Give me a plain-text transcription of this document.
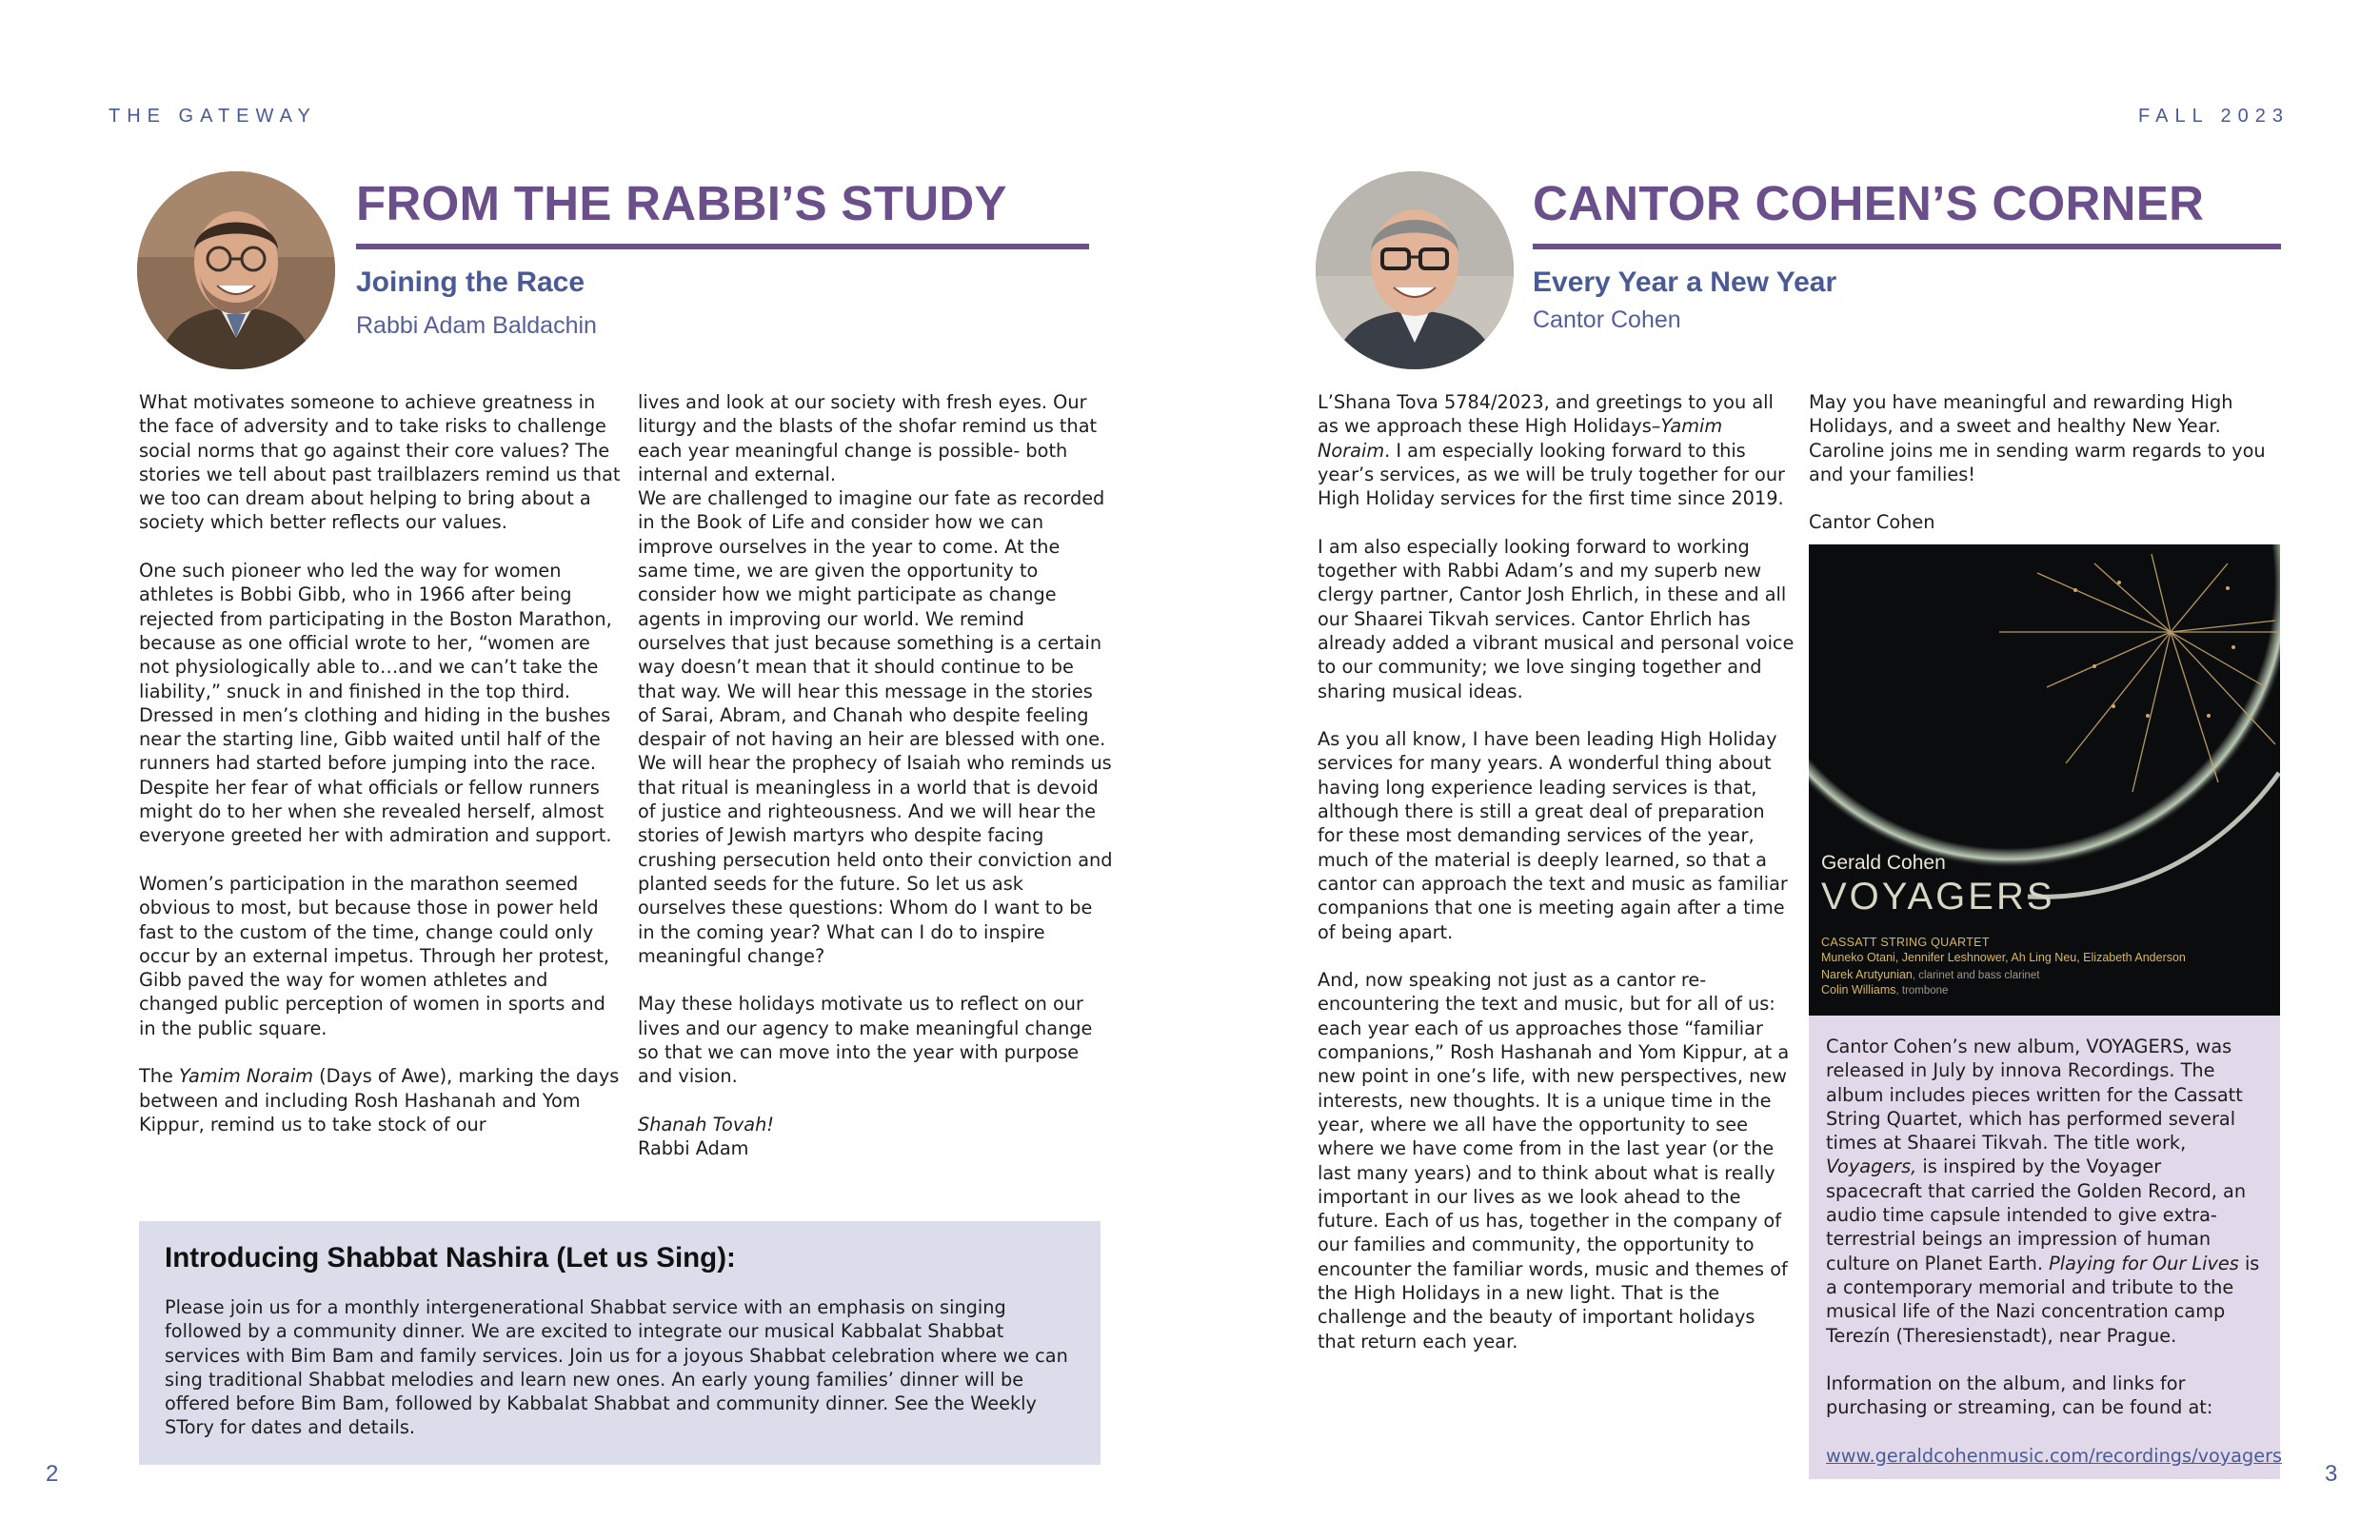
THE GATEWAY	FALL 2023
FROM THE RABBI’S STUDY
Joining the Race
Rabbi Adam Baldachin

What motivates someone to achieve greatness in the face of adversity and to take risks to challenge social norms that go against their core values? The stories we tell about past trailblazers remind us that we too can dream about helping to bring about a society which better reflects our values.

One such pioneer who led the way for women athletes is Bobbi Gibb, who in 1966 after being rejected from participating in the Boston Marathon, because as one official wrote to her, “women are not physiologically able to…and we can’t take the liability,” snuck in and finished in the top third. Dressed in men’s clothing and hiding in the bushes near the starting line, Gibb waited until half of the runners had started before jumping into the race. Despite her fear of what officials or fellow runners might do to her when she revealed herself, almost everyone greeted her with admiration and support.

Women’s participation in the marathon seemed obvious to most, but because those in power held fast to the custom of the time, change could only occur by an external impetus. Through her protest, Gibb paved the way for women athletes and changed public perception of women in sports and in the public square.

The Yamim Noraim (Days of Awe), marking the days between and including Rosh Hashanah and Yom Kippur, remind us to take stock of our

lives and look at our society with fresh eyes. Our liturgy and the blasts of the shofar remind us that each year meaningful change is possible- both internal and external.

We are challenged to imagine our fate as recorded in the Book of Life and consider how we can improve ourselves in the year to come. At the same time, we are given the opportunity to consider how we might participate as change agents in improving our world. We remind ourselves that just because something is a certain way doesn’t mean that it should continue to be that way. We will hear this message in the stories of Sarai, Abram, and Chanah who despite feeling despair of not having an heir are blessed with one. We will hear the prophecy of Isaiah who reminds us that ritual is meaningless in a world that is devoid of justice and righteousness. And we will hear the stories of Jewish martyrs who despite facing crushing persecution held onto their conviction and planted seeds for the future. So let us ask ourselves these questions: Whom do I want to be in the coming year? What can I do to inspire meaningful change?

May these holidays motivate us to reflect on our lives and our agency to make meaningful change so that we can move into the year with purpose and vision.

Shanah Tovah!
Rabbi Adam

Introducing Shabbat Nashira (Let us Sing):
Please join us for a monthly intergenerational Shabbat service with an emphasis on singing followed by a community dinner. We are excited to integrate our musical Kabbalat Shabbat services with Bim Bam and family services. Join us for a joyous Shabbat celebration where we can sing traditional Shabbat melodies and learn new ones. An early young families’ dinner will be offered before Bim Bam, followed by Kabbalat Shabbat and community dinner. See the Weekly STory for dates and details.
2
CANTOR COHEN’S CORNER
Every Year a New Year
Cantor Cohen

L’Shana Tova 5784/2023, and greetings to you all as we approach these High Holidays–Yamim Noraim. I am especially looking forward to this year’s services, as we will be truly together for our High Holiday services for the first time since 2019.

I am also especially looking forward to working together with Rabbi Adam’s and my superb new clergy partner, Cantor Josh Ehrlich, in these and all our Shaarei Tikvah services. Cantor Ehrlich has already added a vibrant musical and personal voice to our community; we love singing together and sharing musical ideas.

As you all know, I have been leading High Holiday services for many years. A wonderful thing about having long experience leading services is that, although there is still a great deal of preparation for these most demanding services of the year, much of the material is deeply learned, so that a cantor can approach the text and music as familiar companions that one is meeting again after a time of being apart.

And, now speaking not just as a cantor re-encountering the text and music, but for all of us: each year each of us approaches those “familiar companions,” Rosh Hashanah and Yom Kippur, at a new point in one’s life, with new perspectives, new interests, new thoughts. It is a unique time in the year, where we all have the opportunity to see where we have come from in the last year (or the last many years) and to think about what is really important in our lives as we look ahead to the future. Each of us has, together in the company of our families and community, the opportunity to encounter the familiar words, music and themes of the High Holidays in a new light. That is the challenge and the beauty of important holidays that return each year.

May you have meaningful and rewarding High Holidays, and a sweet and healthy New Year. Caroline joins me in sending warm regards to you and your families!

Cantor Cohen

Gerald Cohen
VOYAGERS
CASSATT STRING QUARTET
Muneko Otani, Jennifer Leshnower, Ah Ling Neu, Elizabeth Anderson
Narek Arutyunian, clarinet and bass clarinet
Colin Williams, trombone

Cantor Cohen’s new album, VOYAGERS, was released in July by innova Recordings. The album includes pieces written for the Cassatt String Quartet, which has performed several times at Shaarei Tikvah. The title work, Voyagers, is inspired by the Voyager spacecraft that carried the Golden Record, an audio time capsule intended to give extra-terrestrial beings an impression of human culture on Planet Earth. Playing for Our Lives is a contemporary memorial and tribute to the musical life of the Nazi concentration camp Terezín (Theresienstadt), near Prague.

Information on the album, and links for purchasing or streaming, can be found at:

www.geraldcohenmusic.com/recordings/voyagers

3
